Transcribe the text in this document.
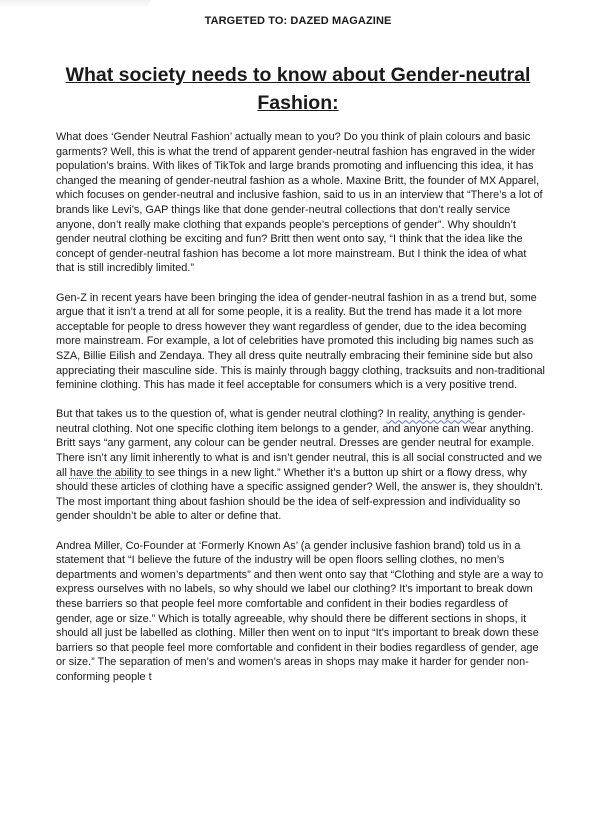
TARGETED TO: DAZED MAGAZINE
What society needs to know about Gender-neutral Fashion:

What does ‘Gender Neutral Fashion’ actually mean to you? Do you think of plain colours and basic garments? Well, this is what the trend of apparent gender-neutral fashion has engraved in the wider population’s brains. With likes of TikTok and large brands promoting and influencing this idea, it has changed the meaning of gender-neutral fashion as a whole. Maxine Britt, the founder of MX Apparel, which focuses on gender-neutral and inclusive fashion, said to us in an interview that “There’s a lot of brands like Levi’s, GAP things like that done gender-neutral collections that don’t really service anyone, don’t really make clothing that expands people’s perceptions of gender”. Why shouldn’t gender neutral clothing be exciting and fun? Britt then went onto say, “I think that the idea like the concept of gender-neutral fashion has become a lot more mainstream. But I think the idea of what that is still incredibly limited.”

Gen-Z in recent years have been bringing the idea of gender-neutral fashion in as a trend but, some argue that it isn’t a trend at all for some people, it is a reality. But the trend has made it a lot more acceptable for people to dress however they want regardless of gender, due to the idea becoming more mainstream. For example, a lot of celebrities have promoted this including big names such as SZA, Billie Eilish and Zendaya. They all dress quite neutrally embracing their feminine side but also appreciating their masculine side. This is mainly through baggy clothing, tracksuits and non-traditional feminine clothing. This has made it feel acceptable for consumers which is a very positive trend.

But that takes us to the question of, what is gender neutral clothing? In reality, anything is gender-neutral clothing. Not one specific clothing item belongs to a gender, and anyone can wear anything. Britt says “any garment, any colour can be gender neutral. Dresses are gender neutral for example. There isn’t any limit inherently to what is and isn’t gender neutral, this is all social constructed and we all have the ability to see things in a new light.” Whether it’s a button up shirt or a flowy dress, why should these articles of clothing have a specific assigned gender? Well, the answer is, they shouldn’t. The most important thing about fashion should be the idea of self-expression and individuality so gender shouldn’t be able to alter or define that.

Andrea Miller, Co-Founder at ‘Formerly Known As’ (a gender inclusive fashion brand) told us in a statement that “I believe the future of the industry will be open floors selling clothes, no men’s departments and women’s departments” and then went onto say that “Clothing and style are a way to express ourselves with no labels, so why should we label our clothing? It's important to break down these barriers so that people feel more comfortable and confident in their bodies regardless of gender, age or size.” Which is totally agreeable, why should there be different sections in shops, it should all just be labelled as clothing. Miller then went on to input “It's important to break down these barriers so that people feel more comfortable and confident in their bodies regardless of gender, age or size.” The separation of men’s and women’s areas in shops may make it harder for gender non-conforming people t
